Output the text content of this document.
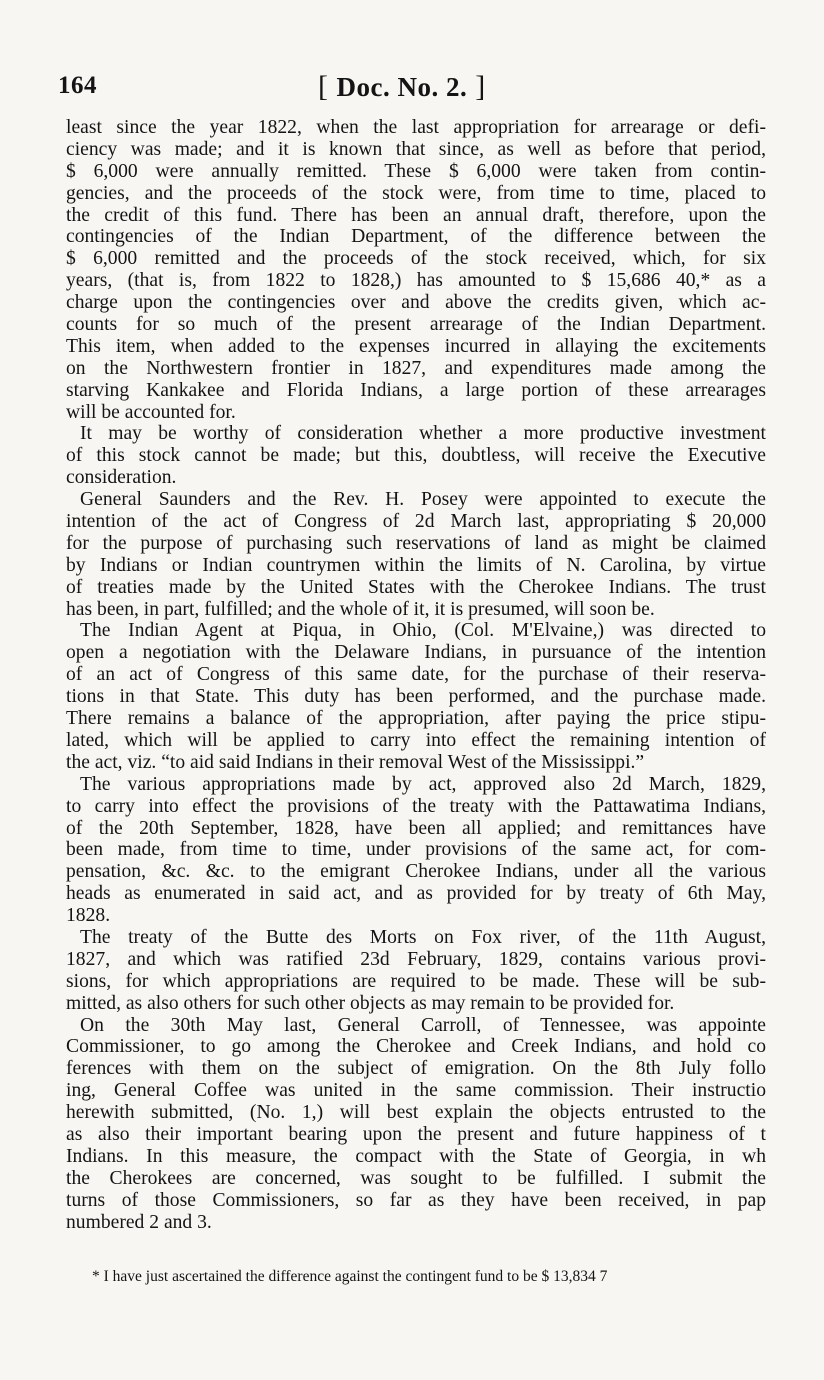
164	[ Doc. No. 2. ]
least since the year 1822, when the last appropriation for arrearage or defi-
ciency was made; and it is known that since, as well as before that period,
$ 6,000 were annually remitted. These $ 6,000 were taken from contin-
gencies, and the proceeds of the stock were, from time to time, placed to
the credit of this fund. There has been an annual draft, therefore, upon the
contingencies of the Indian Department, of the difference between the
$ 6,000 remitted and the proceeds of the stock received, which, for six
years, (that is, from 1822 to 1828,) has amounted to $ 15,686 40,* as a
charge upon the contingencies over and above the credits given, which ac-
counts for so much of the present arrearage of the Indian Department.
This item, when added to the expenses incurred in allaying the excitements
on the Northwestern frontier in 1827, and expenditures made among the
starving Kankakee and Florida Indians, a large portion of these arrearages
will be accounted for.
It may be worthy of consideration whether a more productive investment
of this stock cannot be made; but this, doubtless, will receive the Executive
consideration.
General Saunders and the Rev. H. Posey were appointed to execute the
intention of the act of Congress of 2d March last, appropriating $ 20,000
for the purpose of purchasing such reservations of land as might be claimed
by Indians or Indian countrymen within the limits of N. Carolina, by virtue
of treaties made by the United States with the Cherokee Indians. The trust
has been, in part, fulfilled; and the whole of it, it is presumed, will soon be.
The Indian Agent at Piqua, in Ohio, (Col. M'Elvaine,) was directed to
open a negotiation with the Delaware Indians, in pursuance of the intention
of an act of Congress of this same date, for the purchase of their reserva-
tions in that State. This duty has been performed, and the purchase made.
There remains a balance of the appropriation, after paying the price stipu-
lated, which will be applied to carry into effect the remaining intention of
the act, viz. “to aid said Indians in their removal West of the Mississippi.”
The various appropriations made by act, approved also 2d March, 1829,
to carry into effect the provisions of the treaty with the Pattawatima Indians,
of the 20th September, 1828, have been all applied; and remittances have
been made, from time to time, under provisions of the same act, for com-
pensation, &c. &c. to the emigrant Cherokee Indians, under all the various
heads as enumerated in said act, and as provided for by treaty of 6th May,
1828.
The treaty of the Butte des Morts on Fox river, of the 11th August,
1827, and which was ratified 23d February, 1829, contains various provi-
sions, for which appropriations are required to be made. These will be sub-
mitted, as also others for such other objects as may remain to be provided for.
On the 30th May last, General Carroll, of Tennessee, was appointe
Commissioner, to go among the Cherokee and Creek Indians, and hold co
ferences with them on the subject of emigration. On the 8th July follo
ing, General Coffee was united in the same commission. Their instructio
herewith submitted, (No. 1,) will best explain the objects entrusted to the
as also their important bearing upon the present and future happiness of t
Indians. In this measure, the compact with the State of Georgia, in wh
the Cherokees are concerned, was sought to be fulfilled. I submit the
turns of those Commissioners, so far as they have been received, in pap
numbered 2 and 3.
* I have just ascertained the difference against the contingent fund to be $ 13,834 7
